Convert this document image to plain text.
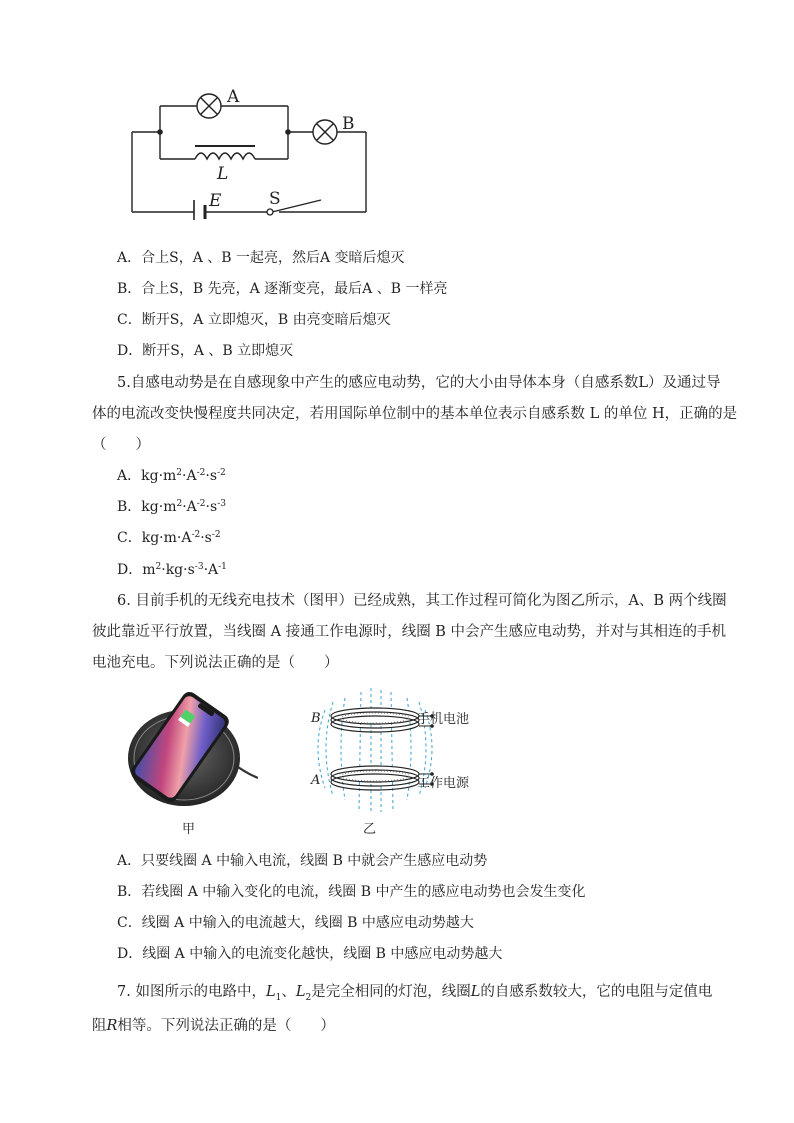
A
B
L
E	S
A．合上S，A 、B 一起亮，然后A 变暗后熄灭
B．合上S，B 先亮，A 逐渐变亮，最后A 、B 一样亮
C．断开S，A 立即熄灭，B 由亮变暗后熄灭
D．断开S，A 、B 立即熄灭
5.自感电动势是在自感现象中产生的感应电动势，它的大小由导体本身（自感系数L）及通过导
体的电流改变快慢程度共同决定，若用国际单位制中的基本单位表示自感系数 L 的单位 H，正确的是
（　　）
A．$kg\cdot m^2\cdot A^{-2}\cdot s^{-2}$
B．$kg\cdot m^2\cdot A^{-2}\cdot s^{-3}$
C．$kg\cdot m\cdot A^{-2}\cdot s^{-2}$
D．$m^2\cdot kg\cdot s^{-3}\cdot A^{-1}$
6. 目前手机的无线充电技术（图甲）已经成熟，其工作过程可简化为图乙所示，A、B 两个线圈
彼此靠近平行放置，当线圈 A 接通工作电源时，线圈 B 中会产生感应电动势，并对与其相连的手机
电池充电。下列说法正确的是（　　）
甲
B
A
手机电池
工作电源
乙
A．只要线圈 A 中输入电流，线圈 B 中就会产生感应电动势
B．若线圈 A 中输入变化的电流，线圈 B 中产生的感应电动势也会发生变化
C．线圈 A 中输入的电流越大，线圈 B 中感应电动势越大
D．线圈 A 中输入的电流变化越快，线圈 B 中感应电动势越大
7. 如图所示的电路中，$L_1$、$L_2$是完全相同的灯泡，线圈L的自感系数较大，它的电阻与定值电
阻R相等。下列说法正确的是（　　）
